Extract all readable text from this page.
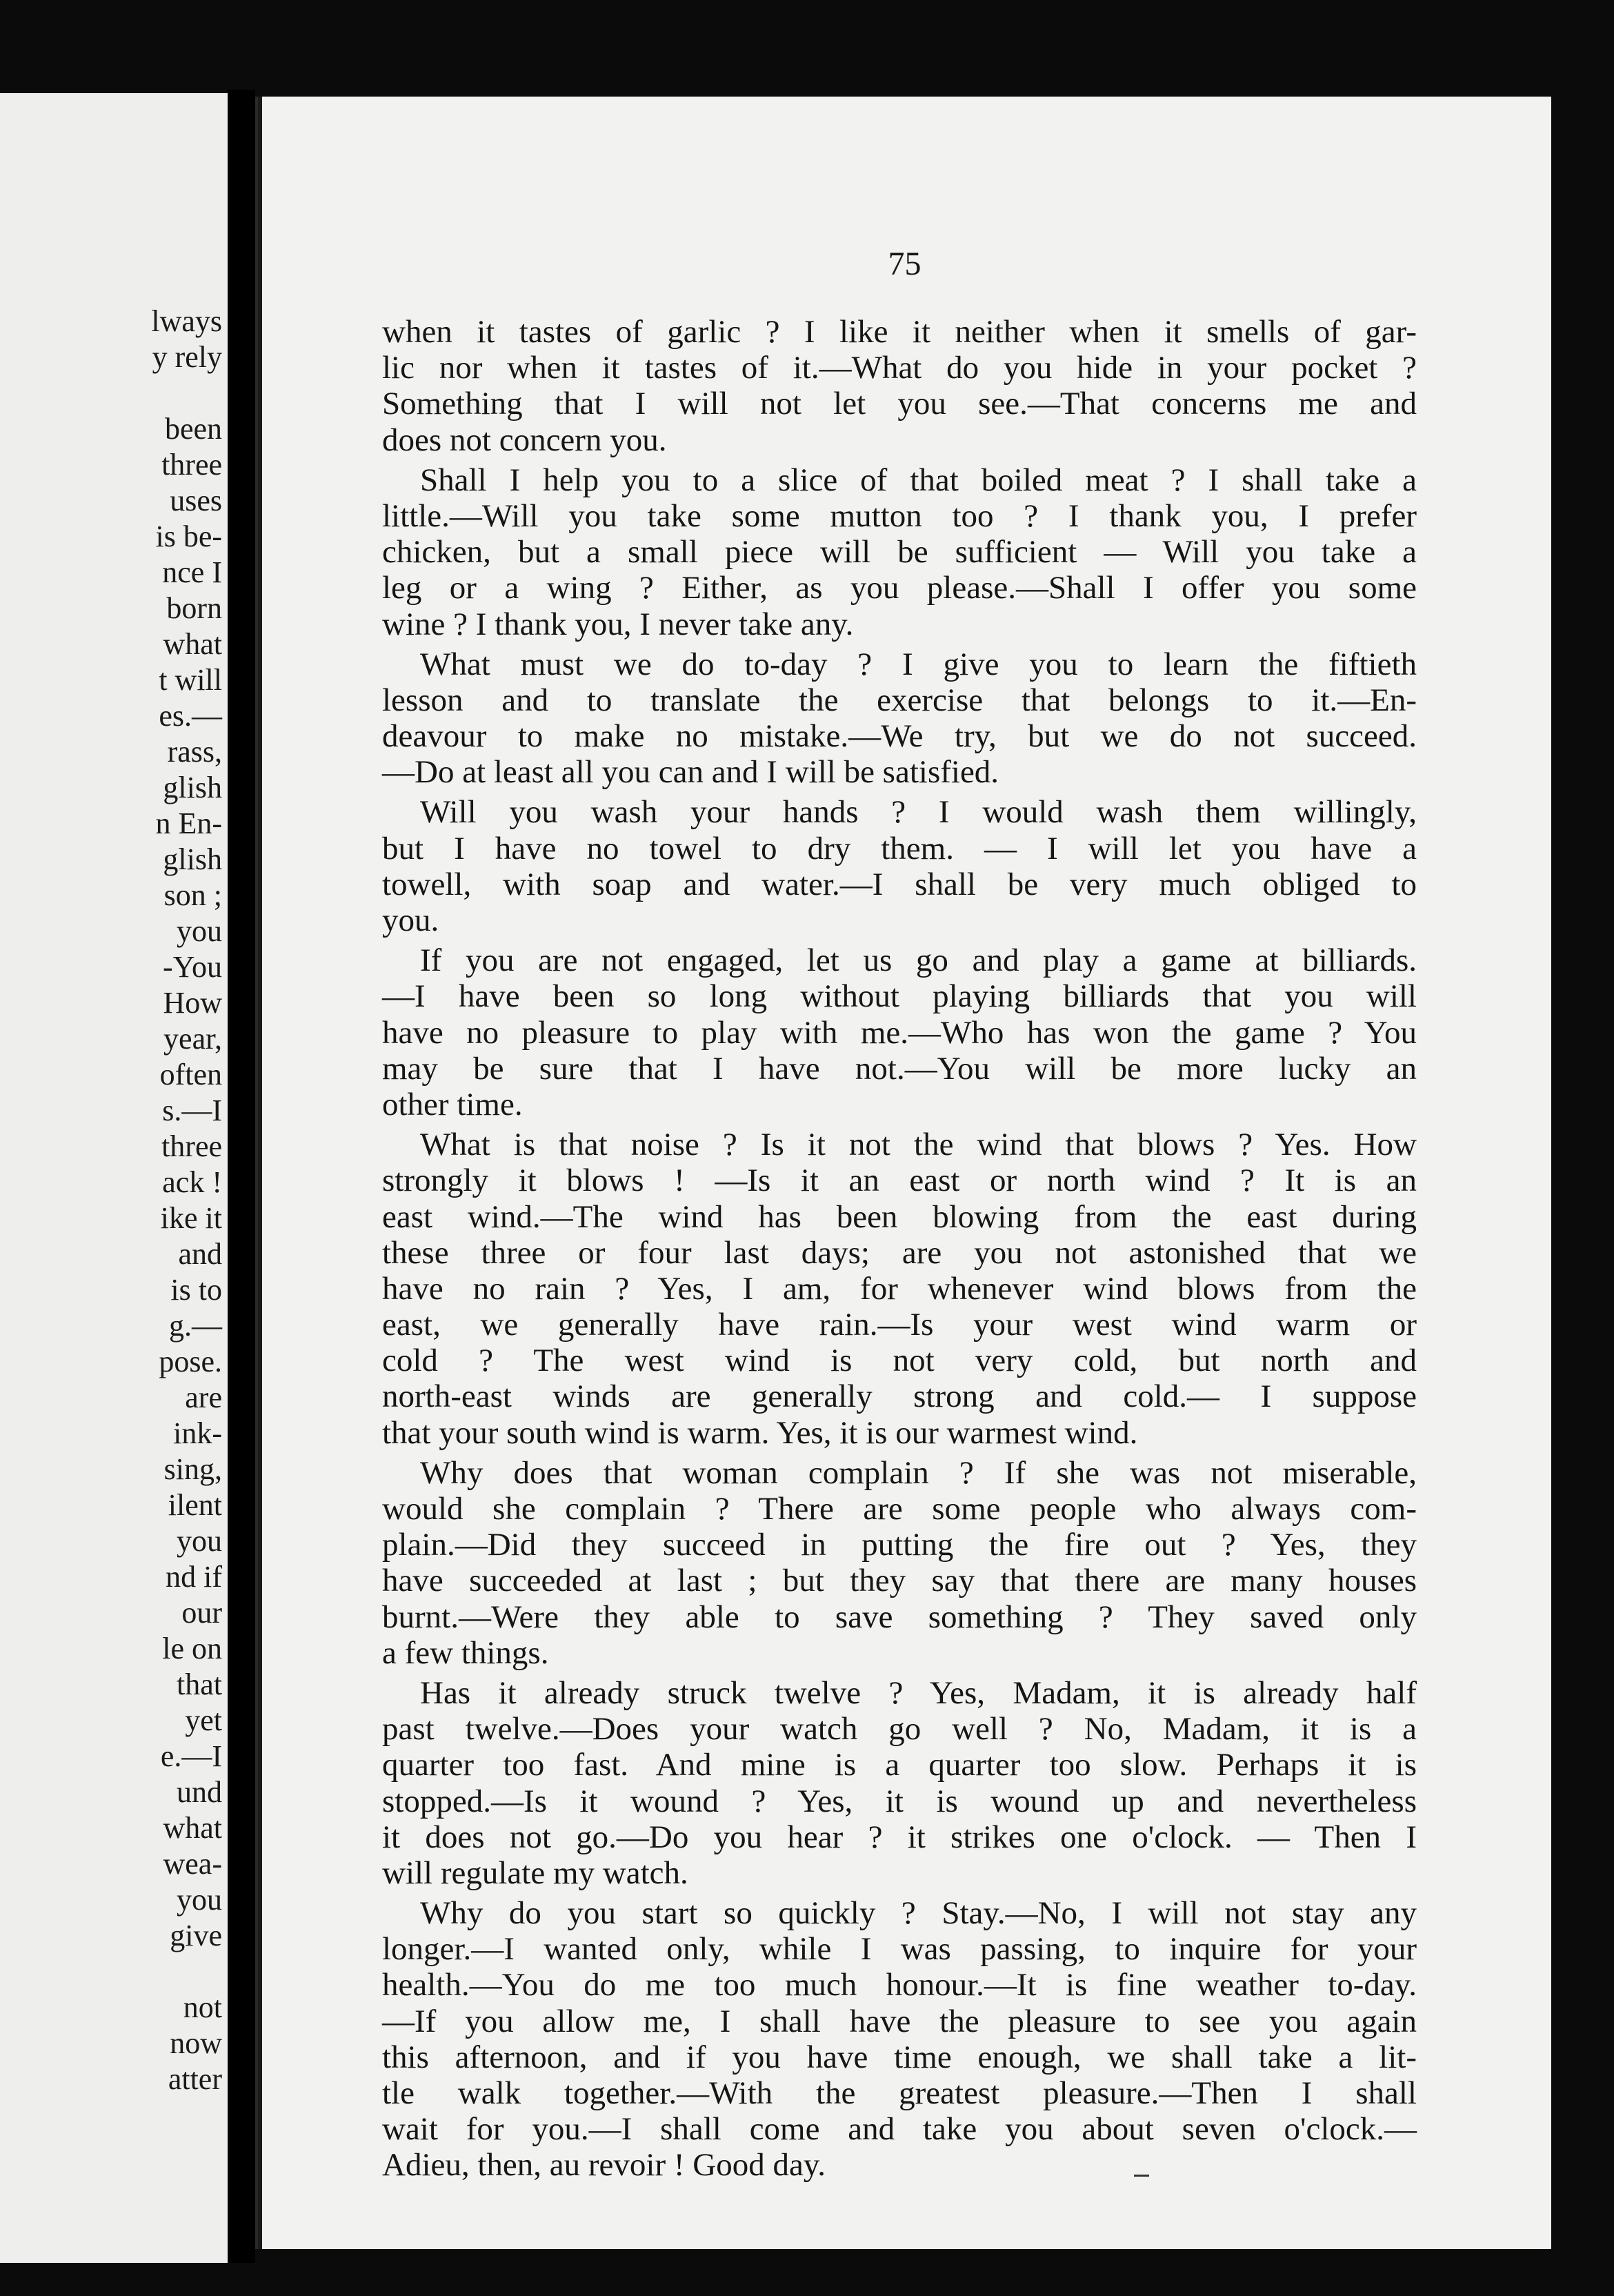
lways
y rely
been
three
uses
is be-
nce I
born
what
t will
es.—
rass,
glish
n En-
glish
son ;
you
-You
How
year,
often
s.—I
three
ack !
ike it
and
is to
g.—
pose.
are
ink-
sing,
ilent
you
nd if
our
le on
that
yet
e.—I
und
what
wea-
you
give
not
now
atter
75
when it tastes of garlic ? I like it neither when it smells of gar-
lic nor when it tastes of it.—What do you hide in your pocket ?
Something that I will not let you see.—That concerns me and
does not concern you.
Shall I help you to a slice of that boiled meat ? I shall take a
little.—Will you take some mutton too ? I thank you, I prefer
chicken, but a small piece will be sufficient — Will you take a
leg or a wing ? Either, as you please.—Shall I offer you some
wine ? I thank you, I never take any.
What must we do to-day ? I give you to learn the fiftieth
lesson and to translate the exercise that belongs to it.—En-
deavour to make no mistake.—We try, but we do not succeed.
—Do at least all you can and I will be satisfied.
Will you wash your hands ? I would wash them willingly,
but I have no towel to dry them. — I will let you have a
towell, with soap and water.—I shall be very much obliged to
you.
If you are not engaged, let us go and play a game at billiards.
—I have been so long without playing billiards that you will
have no pleasure to play with me.—Who has won the game ? You
may be sure that I have not.—You will be more lucky an
other time.
What is that noise ? Is it not the wind that blows ? Yes. How
strongly it blows ! —Is it an east or north wind ? It is an
east wind.—The wind has been blowing from the east during
these three or four last days; are you not astonished that we
have no rain ? Yes, I am, for whenever wind blows from the
east, we generally have rain.—Is your west wind warm or
cold ? The west wind is not very cold, but north and
north-east winds are generally strong and cold.— I suppose
that your south wind is warm. Yes, it is our warmest wind.
Why does that woman complain ? If she was not miserable,
would she complain ? There are some people who always com-
plain.—Did they succeed in putting the fire out ? Yes, they
have succeeded at last ; but they say that there are many houses
burnt.—Were they able to save something ? They saved only
a few things.
Has it already struck twelve ? Yes, Madam, it is already half
past twelve.—Does your watch go well ? No, Madam, it is a
quarter too fast. And mine is a quarter too slow. Perhaps it is
stopped.—Is it wound ? Yes, it is wound up and nevertheless
it does not go.—Do you hear ? it strikes one o'clock. — Then I
will regulate my watch.
Why do you start so quickly ? Stay.—No, I will not stay any
longer.—I wanted only, while I was passing, to inquire for your
health.—You do me too much honour.—It is fine weather to-day.
—If you allow me, I shall have the pleasure to see you again
this afternoon, and if you have time enough, we shall take a lit-
tle walk together.—With the greatest pleasure.—Then I shall
wait for you.—I shall come and take you about seven o'clock.—
Adieu, then, au revoir ! Good day.
